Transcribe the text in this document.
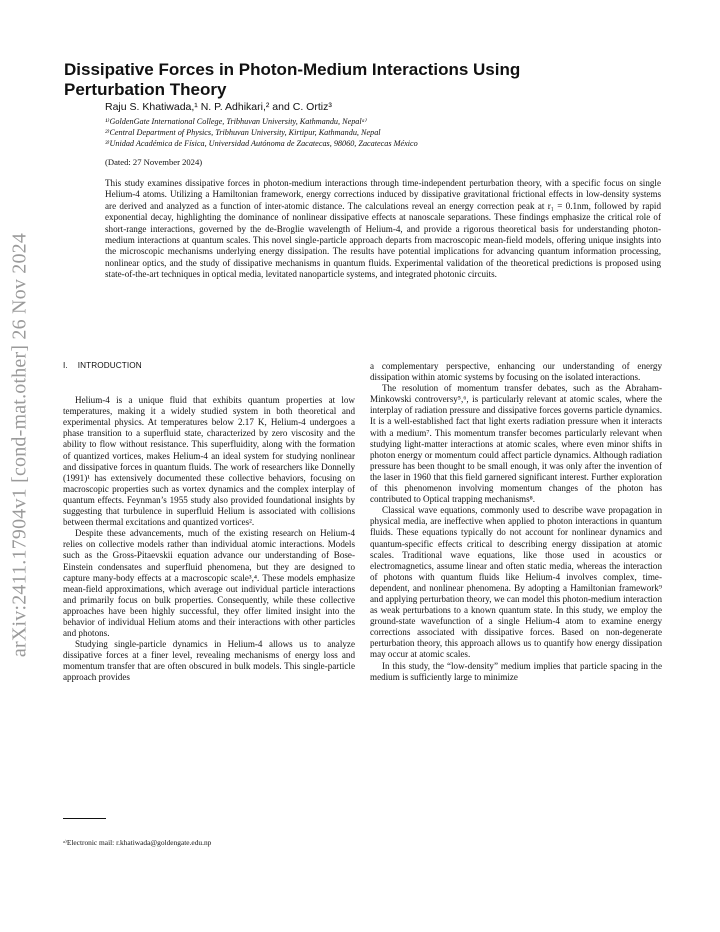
arXiv:2411.17904v1 [cond-mat.other] 26 Nov 2024
Dissipative Forces in Photon-Medium Interactions Using Perturbation Theory
Raju S. Khatiwada,¹ N. P. Adhikari,² and C. Ortiz³
¹⁾GoldenGate International College, Tribhuvan University, Kathmandu, Nepalᵃ⁾
²⁾Central Department of Physics, Tribhuvan University, Kirtipur, Kathmandu, Nepal
³⁾Unidad Académica de Física, Universidad Autónoma de Zacatecas, 98060, Zacatecas México
(Dated: 27 November 2024)

This study examines dissipative forces in photon-medium interactions through time-independent perturbation theory, with a specific focus on single Helium-4 atoms. Utilizing a Hamiltonian framework, energy corrections induced by dissipative gravitational frictional effects in low-density systems are derived and analyzed as a function of inter-atomic distance. The calculations reveal an energy correction peak at r₁ = 0.1nm, followed by rapid exponential decay, highlighting the dominance of nonlinear dissipative effects at nanoscale separations. These findings emphasize the critical role of short-range interactions, governed by the de-Broglie wavelength of Helium-4, and provide a rigorous theoretical basis for understanding photon-medium interactions at quantum scales. This novel single-particle approach departs from macroscopic mean-field models, offering unique insights into the microscopic mechanisms underlying energy dissipation. The results have potential implications for advancing quantum information processing, nonlinear optics, and the study of dissipative mechanisms in quantum fluids. Experimental validation of the theoretical predictions is proposed using state-of-the-art techniques in optical media, levitated nanoparticle systems, and integrated photonic circuits.

I. INTRODUCTION

Helium-4 is a unique fluid that exhibits quantum properties at low temperatures, making it a widely studied system in both theoretical and experimental physics. At temperatures below 2.17 K, Helium-4 undergoes a phase transition to a superfluid state, characterized by zero viscosity and the ability to flow without resistance. This superfluidity, along with the formation of quantized vortices, makes Helium-4 an ideal system for studying nonlinear and dissipative forces in quantum fluids. The work of researchers like Donnelly (1991)¹ has extensively documented these collective behaviors, focusing on macroscopic properties such as vortex dynamics and the complex interplay of quantum effects. Feynman’s 1955 study also provided foundational insights by suggesting that turbulence in superfluid Helium is associated with collisions between thermal excitations and quantized vortices².

Despite these advancements, much of the existing research on Helium-4 relies on collective models rather than individual atomic interactions. Models such as the Gross-Pitaevskii equation advance our understanding of Bose-Einstein condensates and superfluid phenomena, but they are designed to capture many-body effects at a macroscopic scale³,⁴. These models emphasize mean-field approximations, which average out individual particle interactions and primarily focus on bulk properties. Consequently, while these collective approaches have been highly successful, they offer limited insight into the behavior of individual Helium atoms and their interactions with other particles and photons.

Studying single-particle dynamics in Helium-4 allows us to analyze dissipative forces at a finer level, revealing mechanisms of energy loss and momentum transfer that are often obscured in bulk models. This single-particle approach provides

a complementary perspective, enhancing our understanding of energy dissipation within atomic systems by focusing on the isolated interactions.

The resolution of momentum transfer debates, such as the Abraham-Minkowski controversy⁵,⁶, is particularly relevant at atomic scales, where the interplay of radiation pressure and dissipative forces governs particle dynamics. It is a well-established fact that light exerts radiation pressure when it interacts with a medium⁷. This momentum transfer becomes particularly relevant when studying light-matter interactions at atomic scales, where even minor shifts in photon energy or momentum could affect particle dynamics. Although radiation pressure has been thought to be small enough, it was only after the invention of the laser in 1960 that this field garnered significant interest. Further exploration of this phenomenon involving momentum changes of the photon has contributed to Optical trapping mechanisms⁸.

Classical wave equations, commonly used to describe wave propagation in physical media, are ineffective when applied to photon interactions in quantum fluids. These equations typically do not account for nonlinear dynamics and quantum-specific effects critical to describing energy dissipation at atomic scales. Traditional wave equations, like those used in acoustics or electromagnetics, assume linear and often static media, whereas the interaction of photons with quantum fluids like Helium-4 involves complex, time-dependent, and nonlinear phenomena. By adopting a Hamiltonian framework⁹ and applying perturbation theory, we can model this photon-medium interaction as weak perturbations to a known quantum state. In this study, we employ the ground-state wavefunction of a single Helium-4 atom to examine energy corrections associated with dissipative forces. Based on non-degenerate perturbation theory, this approach allows us to quantify how energy dissipation may occur at atomic scales.

In this study, the “low-density” medium implies that particle spacing in the medium is sufficiently large to minimize

ᵃ⁾Electronic mail: r.khatiwada@goldengate.edu.np
